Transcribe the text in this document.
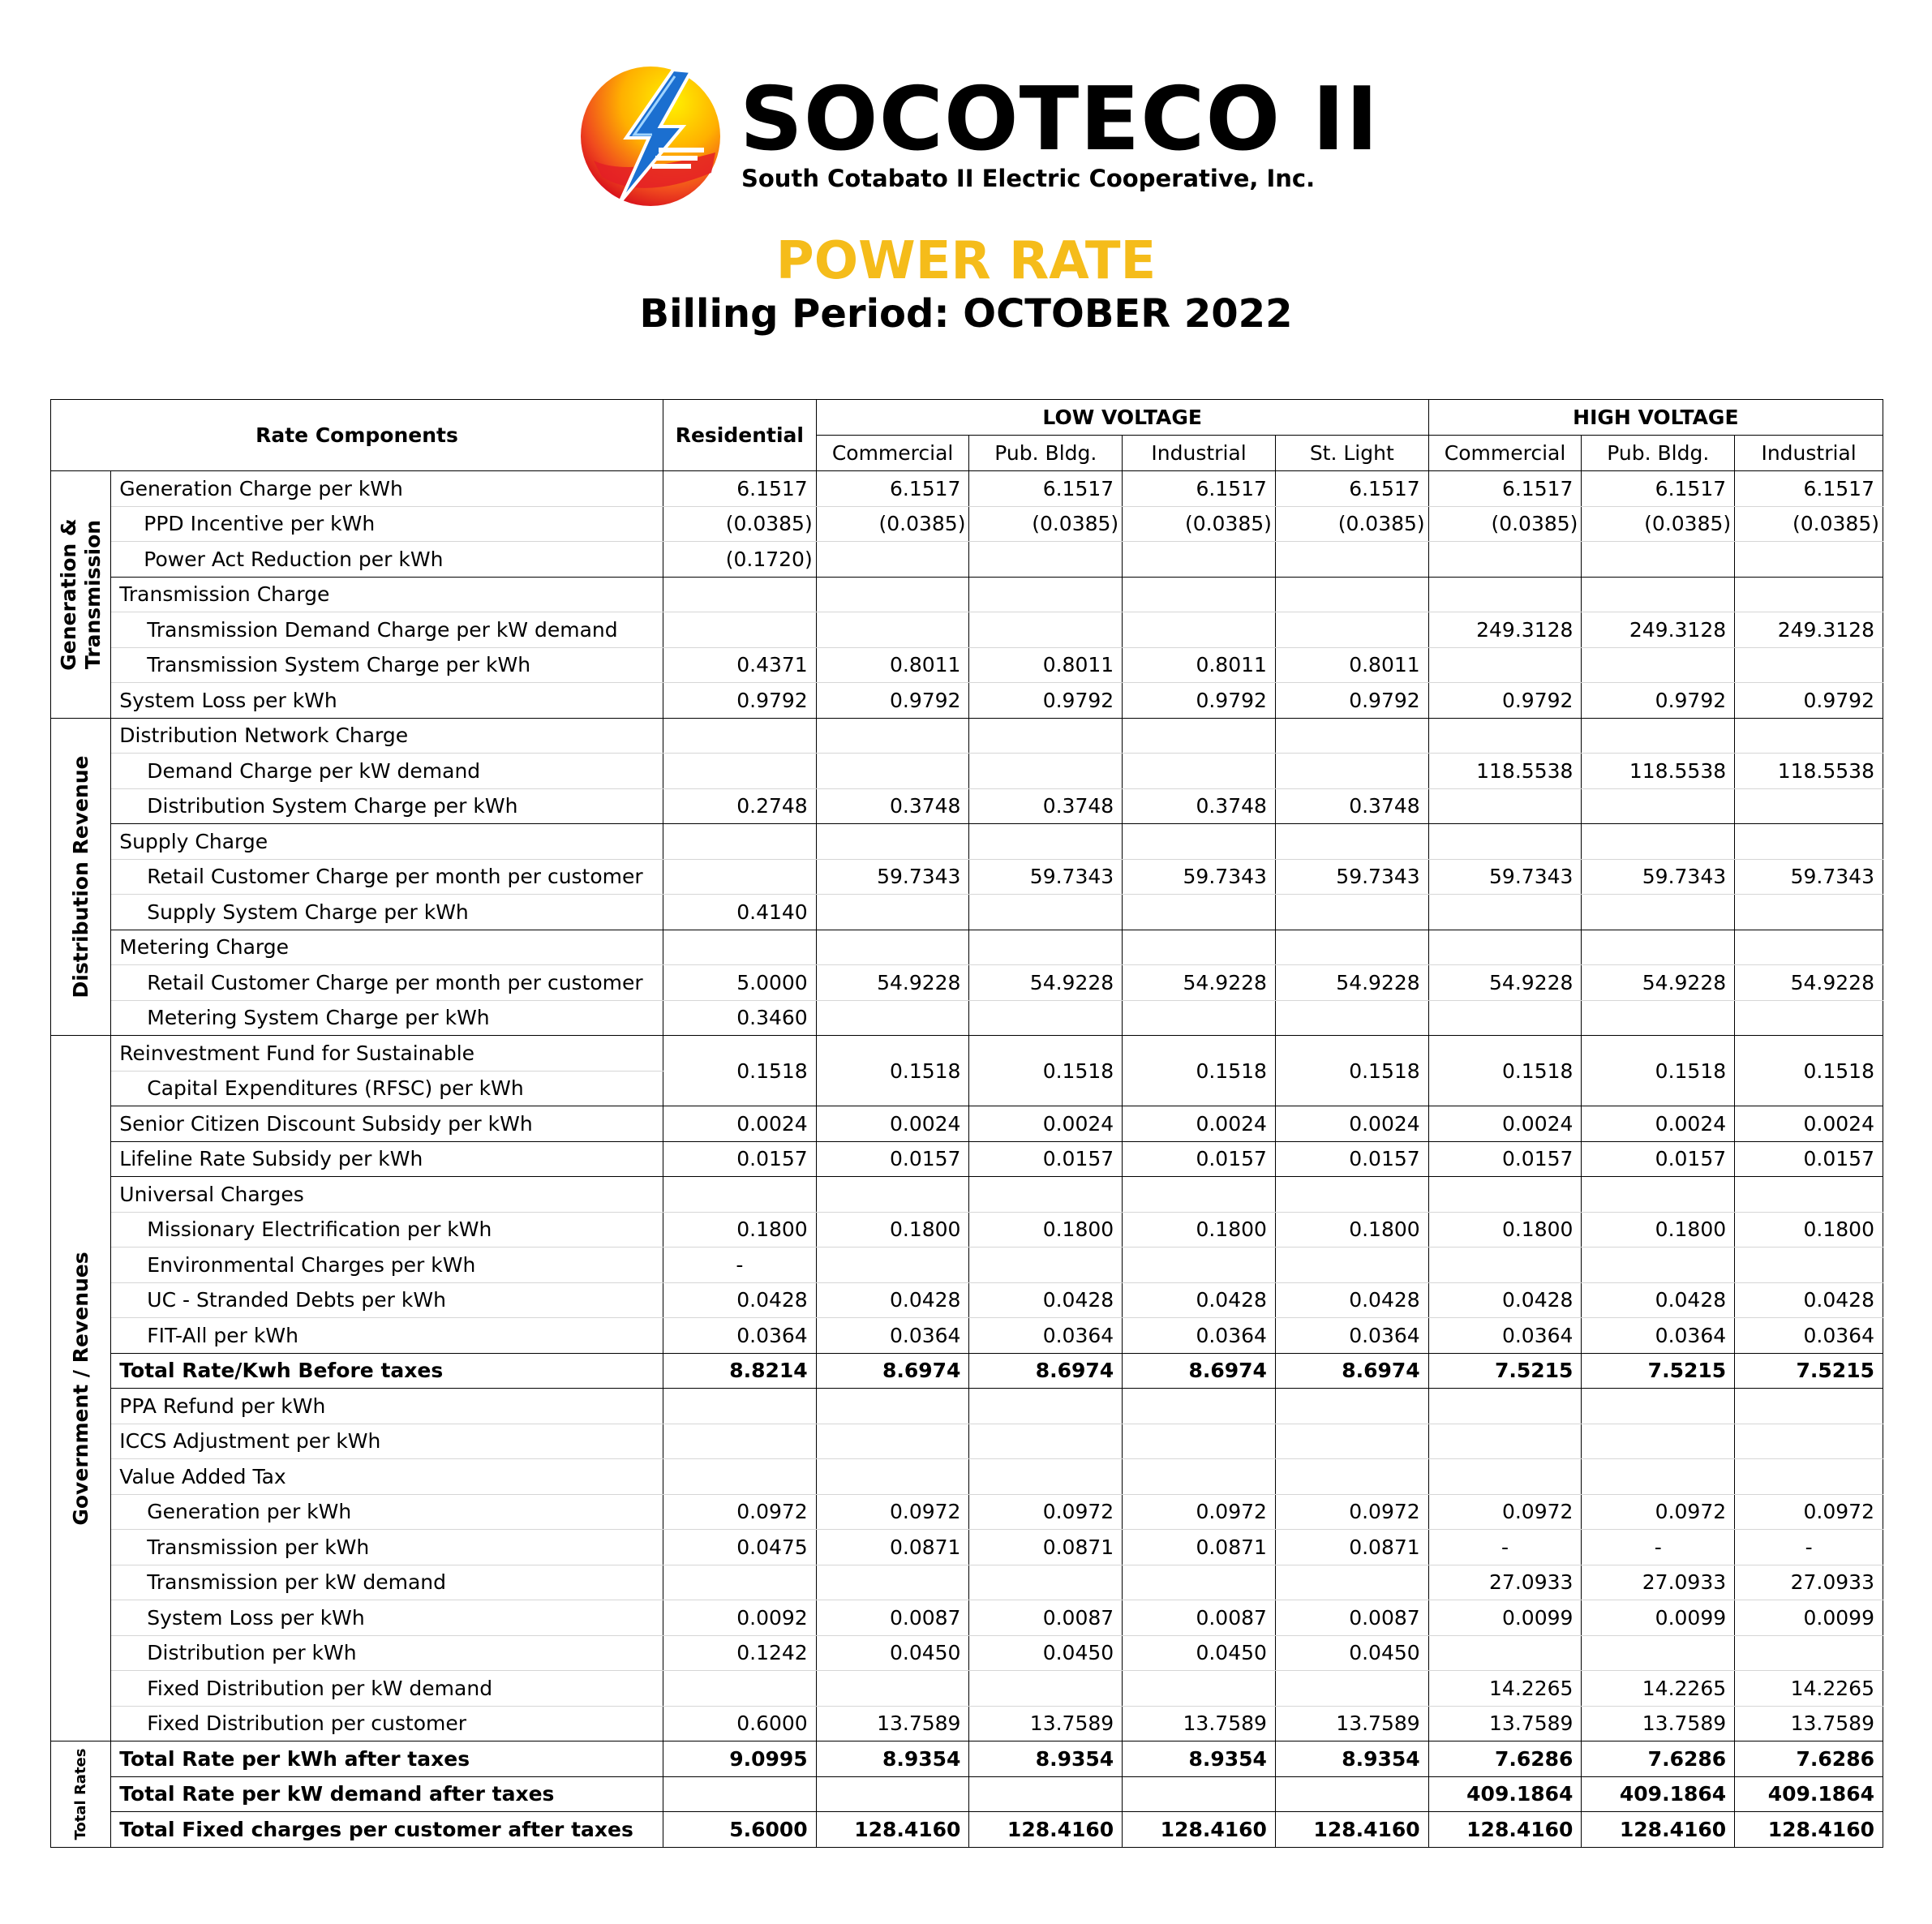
SOCOTECO II
South Cotabato II Electric Cooperative, Inc.
POWER RATE
Billing Period: OCTOBER 2022
Rate Components		Residential	LOW VOLTAGE				HIGH VOLTAGE		
			Commercial	Pub. Bldg.	Industrial	St. Light	Commercial	Pub. Bldg.	Industrial

Generation & Transmission	Generation Charge per kWh	6.1517	6.1517	6.1517	6.1517	6.1517	6.1517	6.1517	6.1517
	PPD Incentive per kWh	(0.0385)	(0.0385)	(0.0385)	(0.0385)	(0.0385)	(0.0385)	(0.0385)	(0.0385)
	Power Act Reduction per kWh	(0.1720)							
	Transmission Charge								
	Transmission Demand Charge per kW demand						249.3128	249.3128	249.3128
	Transmission System Charge per kWh	0.4371	0.8011	0.8011	0.8011	0.8011			
	System Loss per kWh	0.9792	0.9792	0.9792	0.9792	0.9792	0.9792	0.9792	0.9792

Distribution Revenue	Distribution Network Charge								
	Demand Charge per kW demand						118.5538	118.5538	118.5538
	Distribution System Charge per kWh	0.2748	0.3748	0.3748	0.3748	0.3748			
	Supply Charge								
	Retail Customer Charge per month per customer		59.7343	59.7343	59.7343	59.7343	59.7343	59.7343	59.7343
	Supply System Charge per kWh	0.4140							
	Metering Charge								
	Retail Customer Charge per month per customer	5.0000	54.9228	54.9228	54.9228	54.9228	54.9228	54.9228	54.9228
	Metering System Charge per kWh	0.3460							

Government / Revenues	Reinvestment Fund for Sustainable	0.1518	0.1518	0.1518	0.1518	0.1518	0.1518	0.1518	0.1518
	Capital Expenditures (RFSC) per kWh								
	Senior Citizen Discount Subsidy per kWh	0.0024	0.0024	0.0024	0.0024	0.0024	0.0024	0.0024	0.0024
	Lifeline Rate Subsidy per kWh	0.0157	0.0157	0.0157	0.0157	0.0157	0.0157	0.0157	0.0157
	Universal Charges								
	Missionary Electrification per kWh	0.1800	0.1800	0.1800	0.1800	0.1800	0.1800	0.1800	0.1800
	Environmental Charges per kWh	-							
	UC - Stranded Debts per kWh	0.0428	0.0428	0.0428	0.0428	0.0428	0.0428	0.0428	0.0428
	FIT-All per kWh	0.0364	0.0364	0.0364	0.0364	0.0364	0.0364	0.0364	0.0364
	Total Rate/Kwh Before taxes	8.8214	8.6974	8.6974	8.6974	8.6974	7.5215	7.5215	7.5215
	PPA Refund per kWh								
	ICCS Adjustment per kWh								
	Value Added Tax								
	Generation per kWh	0.0972	0.0972	0.0972	0.0972	0.0972	0.0972	0.0972	0.0972
	Transmission per kWh	0.0475	0.0871	0.0871	0.0871	0.0871	-	-	-
	Transmission per kW demand						27.0933	27.0933	27.0933
	System Loss per kWh	0.0092	0.0087	0.0087	0.0087	0.0087	0.0099	0.0099	0.0099
	Distribution per kWh	0.1242	0.0450	0.0450	0.0450	0.0450			
	Fixed Distribution per kW demand						14.2265	14.2265	14.2265
	Fixed Distribution per customer	0.6000	13.7589	13.7589	13.7589	13.7589	13.7589	13.7589	13.7589

Total Rates	Total Rate per kWh after taxes	9.0995	8.9354	8.9354	8.9354	8.9354	7.6286	7.6286	7.6286
	Total Rate per kW demand after taxes						409.1864	409.1864	409.1864
	Total Fixed charges per customer after taxes	5.6000	128.4160	128.4160	128.4160	128.4160	128.4160	128.4160	128.4160
